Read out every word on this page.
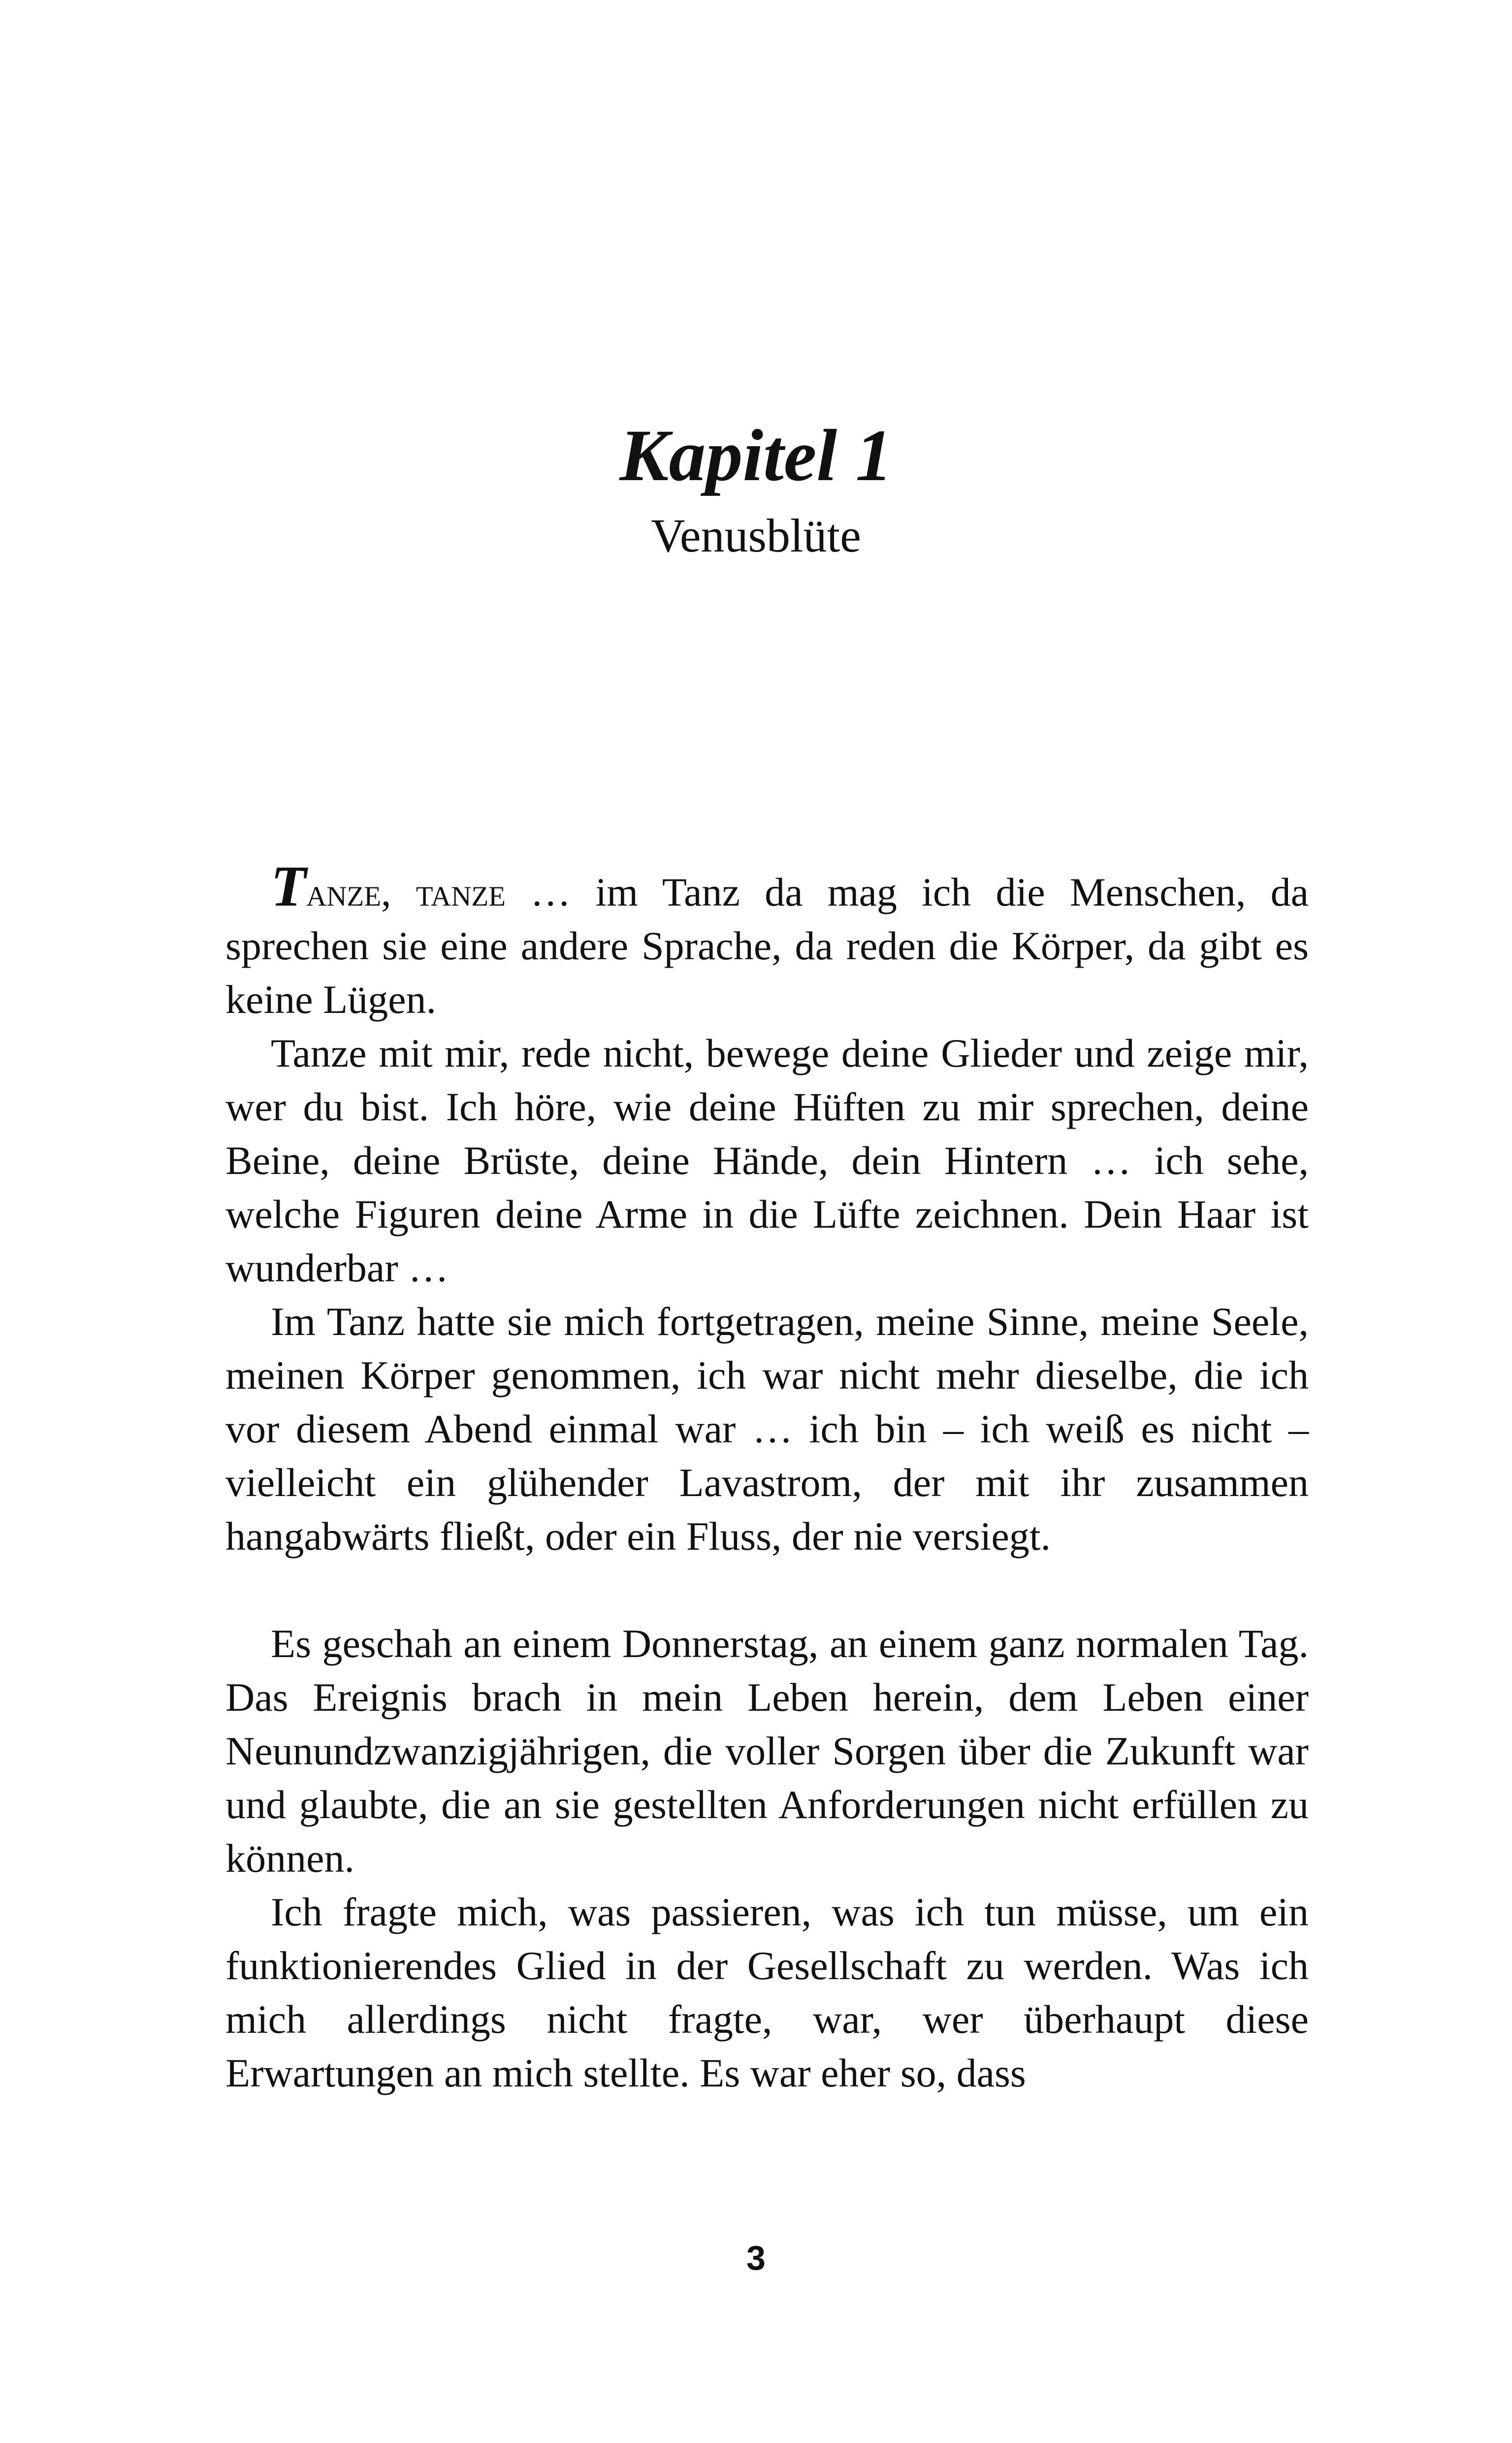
Kapitel 1
Venusblüte

Tanze, tanze … im Tanz da mag ich die Menschen, da sprechen sie eine andere Sprache, da reden die Körper, da gibt es keine Lügen.

Tanze mit mir, rede nicht, bewege deine Glieder und zeige mir, wer du bist. Ich höre, wie deine Hüften zu mir sprechen, deine Beine, deine Brüste, deine Hände, dein Hintern … ich sehe, welche Figuren deine Arme in die Lüfte zeichnen. Dein Haar ist wunderbar …

Im Tanz hatte sie mich fortgetragen, meine Sinne, meine Seele, meinen Körper genommen, ich war nicht mehr dieselbe, die ich vor diesem Abend einmal war … ich bin – ich weiß es nicht – vielleicht ein glühender Lavastrom, der mit ihr zusammen hangabwärts fließt, oder ein Fluss, der nie versiegt.

Es geschah an einem Donnerstag, an einem ganz normalen Tag. Das Ereignis brach in mein Leben herein, dem Leben einer Neunundzwanzigjährigen, die voller Sorgen über die Zukunft war und glaubte, die an sie gestellten Anforderungen nicht erfüllen zu können.

Ich fragte mich, was passieren, was ich tun müsse, um ein funktionierendes Glied in der Gesellschaft zu werden. Was ich mich allerdings nicht fragte, war, wer überhaupt diese Erwartungen an mich stellte. Es war eher so, dass

3
